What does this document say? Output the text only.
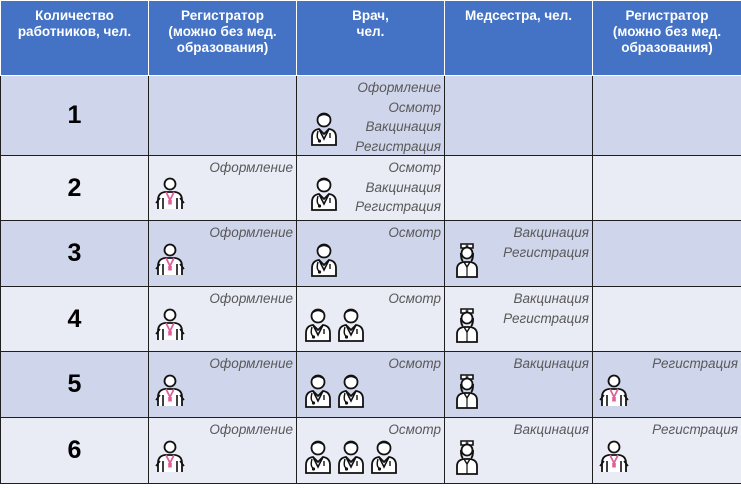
Количество
работников, чел.	Регистратор
(можно без мед.
образования)	Врач,
чел.	Медсестра, чел.	Регистратор
(можно без мед.
образования)
1		Оформление
Осмотр
Вакцинация
Регистрация		

2	Оформление	Осмотр
Вакцинация
Регистрация		

3	Оформление	Осмотр	Вакцинация
Регистрация	

4	Оформление	Осмотр	Вакцинация
Регистрация	

5	Оформление	Осмотр	Вакцинация	Регистрация

6	Оформление	Осмотр	Вакцинация	Регистрация
